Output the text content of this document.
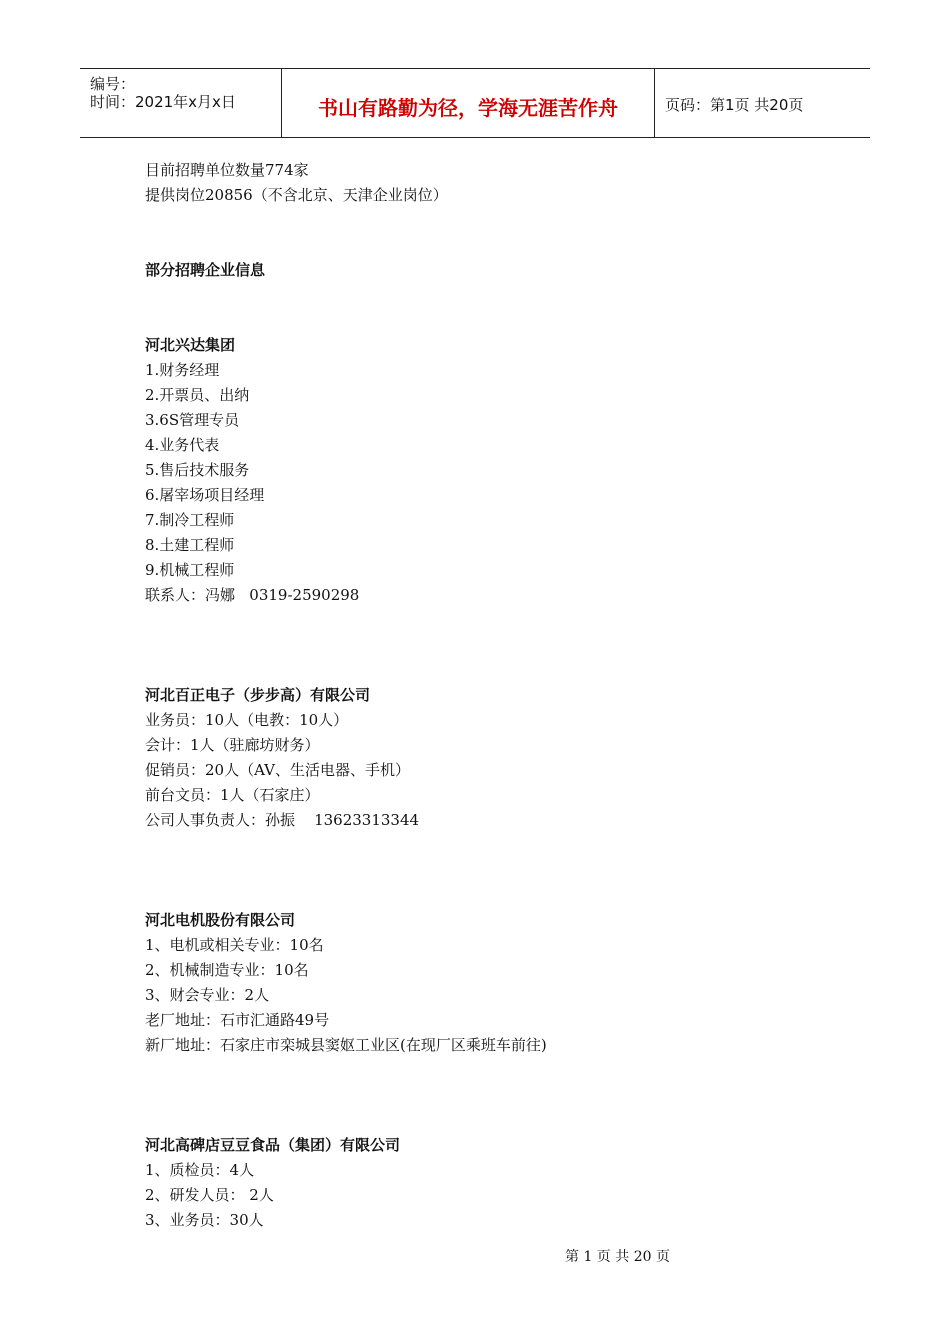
编号：
时间：2021年x月x日	书山有路勤为径，学海无涯苦作舟	页码：第1页 共20页
目前招聘单位数量774家
提供岗位20856（不含北京、天津企业岗位）
部分招聘企业信息
河北兴达集团
1.财务经理
2.开票员、出纳
3.6S管理专员
4.业务代表
5.售后技术服务
6.屠宰场项目经理
7.制冷工程师
8.土建工程师
9.机械工程师
联系人：冯娜   0319-2590298
河北百正电子（步步高）有限公司
业务员：10人（电教：10人）
会计：1人（驻廊坊财务）
促销员：20人（AV、生活电器、手机）
前台文员：1人（石家庄）
公司人事负责人：孙振    13623313344
河北电机股份有限公司
1、电机或相关专业：10名
2、机械制造专业：10名
3、财会专业：2人
老厂地址：石市汇通路49号
新厂地址：石家庄市栾城县窦妪工业区(在现厂区乘班车前往)
河北高碑店豆豆食品（集团）有限公司
1、质检员：4人
2、研发人员： 2人
3、业务员：30人
第 1 页 共 20 页
